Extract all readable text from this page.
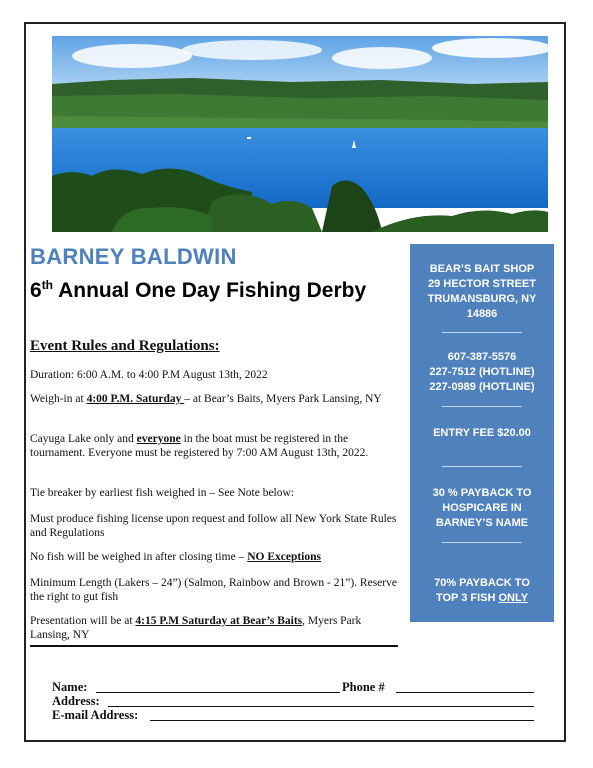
BARNEY BALDWIN
6th Annual One Day Fishing Derby
Event Rules and Regulations:
Duration: 6:00 A.M. to 4:00 P.M August 13th, 2022
Weigh-in at 4:00 P.M. Saturday – at Bear’s Baits, Myers Park Lansing, NY
Cayuga Lake only and everyone in the boat must be registered in the tournament. Everyone must be registered by 7:00 AM August 13th, 2022.
Tie breaker by earliest fish weighed in – See Note below:
Must produce fishing license upon request and follow all New York State Rules and Regulations
No fish will be weighed in after closing time – NO Exceptions
Minimum Length (Lakers – 24”) (Salmon, Rainbow and Brown - 21”). Reserve the right to gut fish
Presentation will be at 4:15 P.M Saturday at Bear’s Baits, Myers Park Lansing, NY
BEAR’S BAIT SHOP
29 HECTOR STREET
TRUMANSBURG, NY
14886
607-387-5576
227-7512 (HOTLINE)
227-0989 (HOTLINE)
ENTRY FEE $20.00
30 % PAYBACK TO
HOSPICARE IN
BARNEY’S NAME
70% PAYBACK TO
TOP 3 FISH ONLY
Name:	Phone #
Address:
E-mail Address:
